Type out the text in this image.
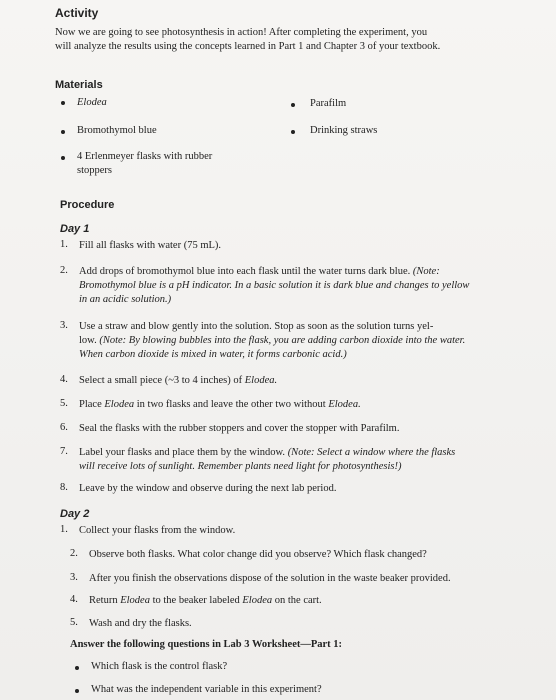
Activity
Now we are going to see photosynthesis in action! After completing the experiment, you
will analyze the results using the concepts learned in Part 1 and Chapter 3 of your textbook.
Materials
Elodea
Bromothymol blue
4 Erlenmeyer flasks with rubber
stoppers
Parafilm
Drinking straws
Procedure
Day 1
1. Fill all flasks with water (75 mL).
2. Add drops of bromothymol blue into each flask until the water turns dark blue. (Note:
Bromothymol blue is a pH indicator. In a basic solution it is dark blue and changes to yellow
in an acidic solution.)
3. Use a straw and blow gently into the solution. Stop as soon as the solution turns yel-
low. (Note: By blowing bubbles into the flask, you are adding carbon dioxide into the water.
When carbon dioxide is mixed in water, it forms carbonic acid.)
4. Select a small piece (~3 to 4 inches) of Elodea.
5. Place Elodea in two flasks and leave the other two without Elodea.
6. Seal the flasks with the rubber stoppers and cover the stopper with Parafilm.
7. Label your flasks and place them by the window. (Note: Select a window where the flasks
will receive lots of sunlight. Remember plants need light for photosynthesis!)
8. Leave by the window and observe during the next lab period.
Day 2
1. Collect your flasks from the window.
2. Observe both flasks. What color change did you observe? Which flask changed?
3. After you finish the observations dispose of the solution in the waste beaker provided.
4. Return Elodea to the beaker labeled Elodea on the cart.
5. Wash and dry the flasks.
Answer the following questions in Lab 3 Worksheet—Part 1:
Which flask is the control flask?
What was the independent variable in this experiment?
